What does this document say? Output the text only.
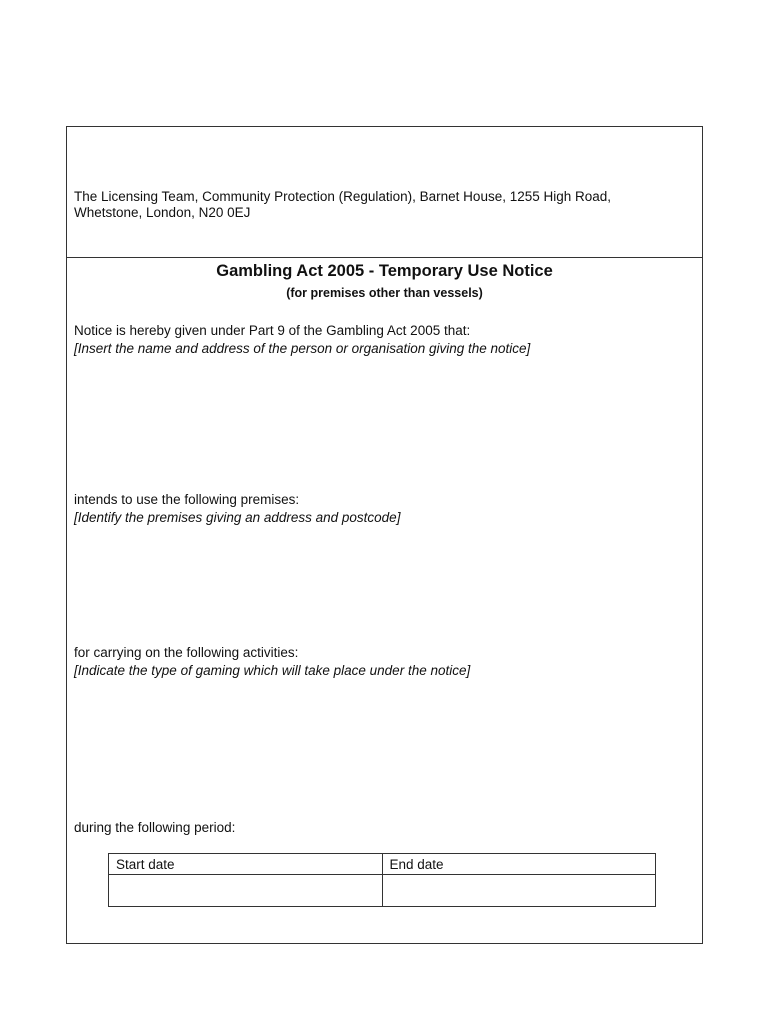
The Licensing Team, Community Protection (Regulation), Barnet House, 1255 High Road,
Whetstone, London, N20 0EJ
Gambling Act 2005 - Temporary Use Notice
(for premises other than vessels)
Notice is hereby given under Part 9 of the Gambling Act 2005 that:
[Insert the name and address of the person or organisation giving the notice]
intends to use the following premises:
[Identify the premises giving an address and postcode]
for carrying on the following activities:
[Indicate the type of gaming which will take place under the notice]
during the following period:
Start date	End date
